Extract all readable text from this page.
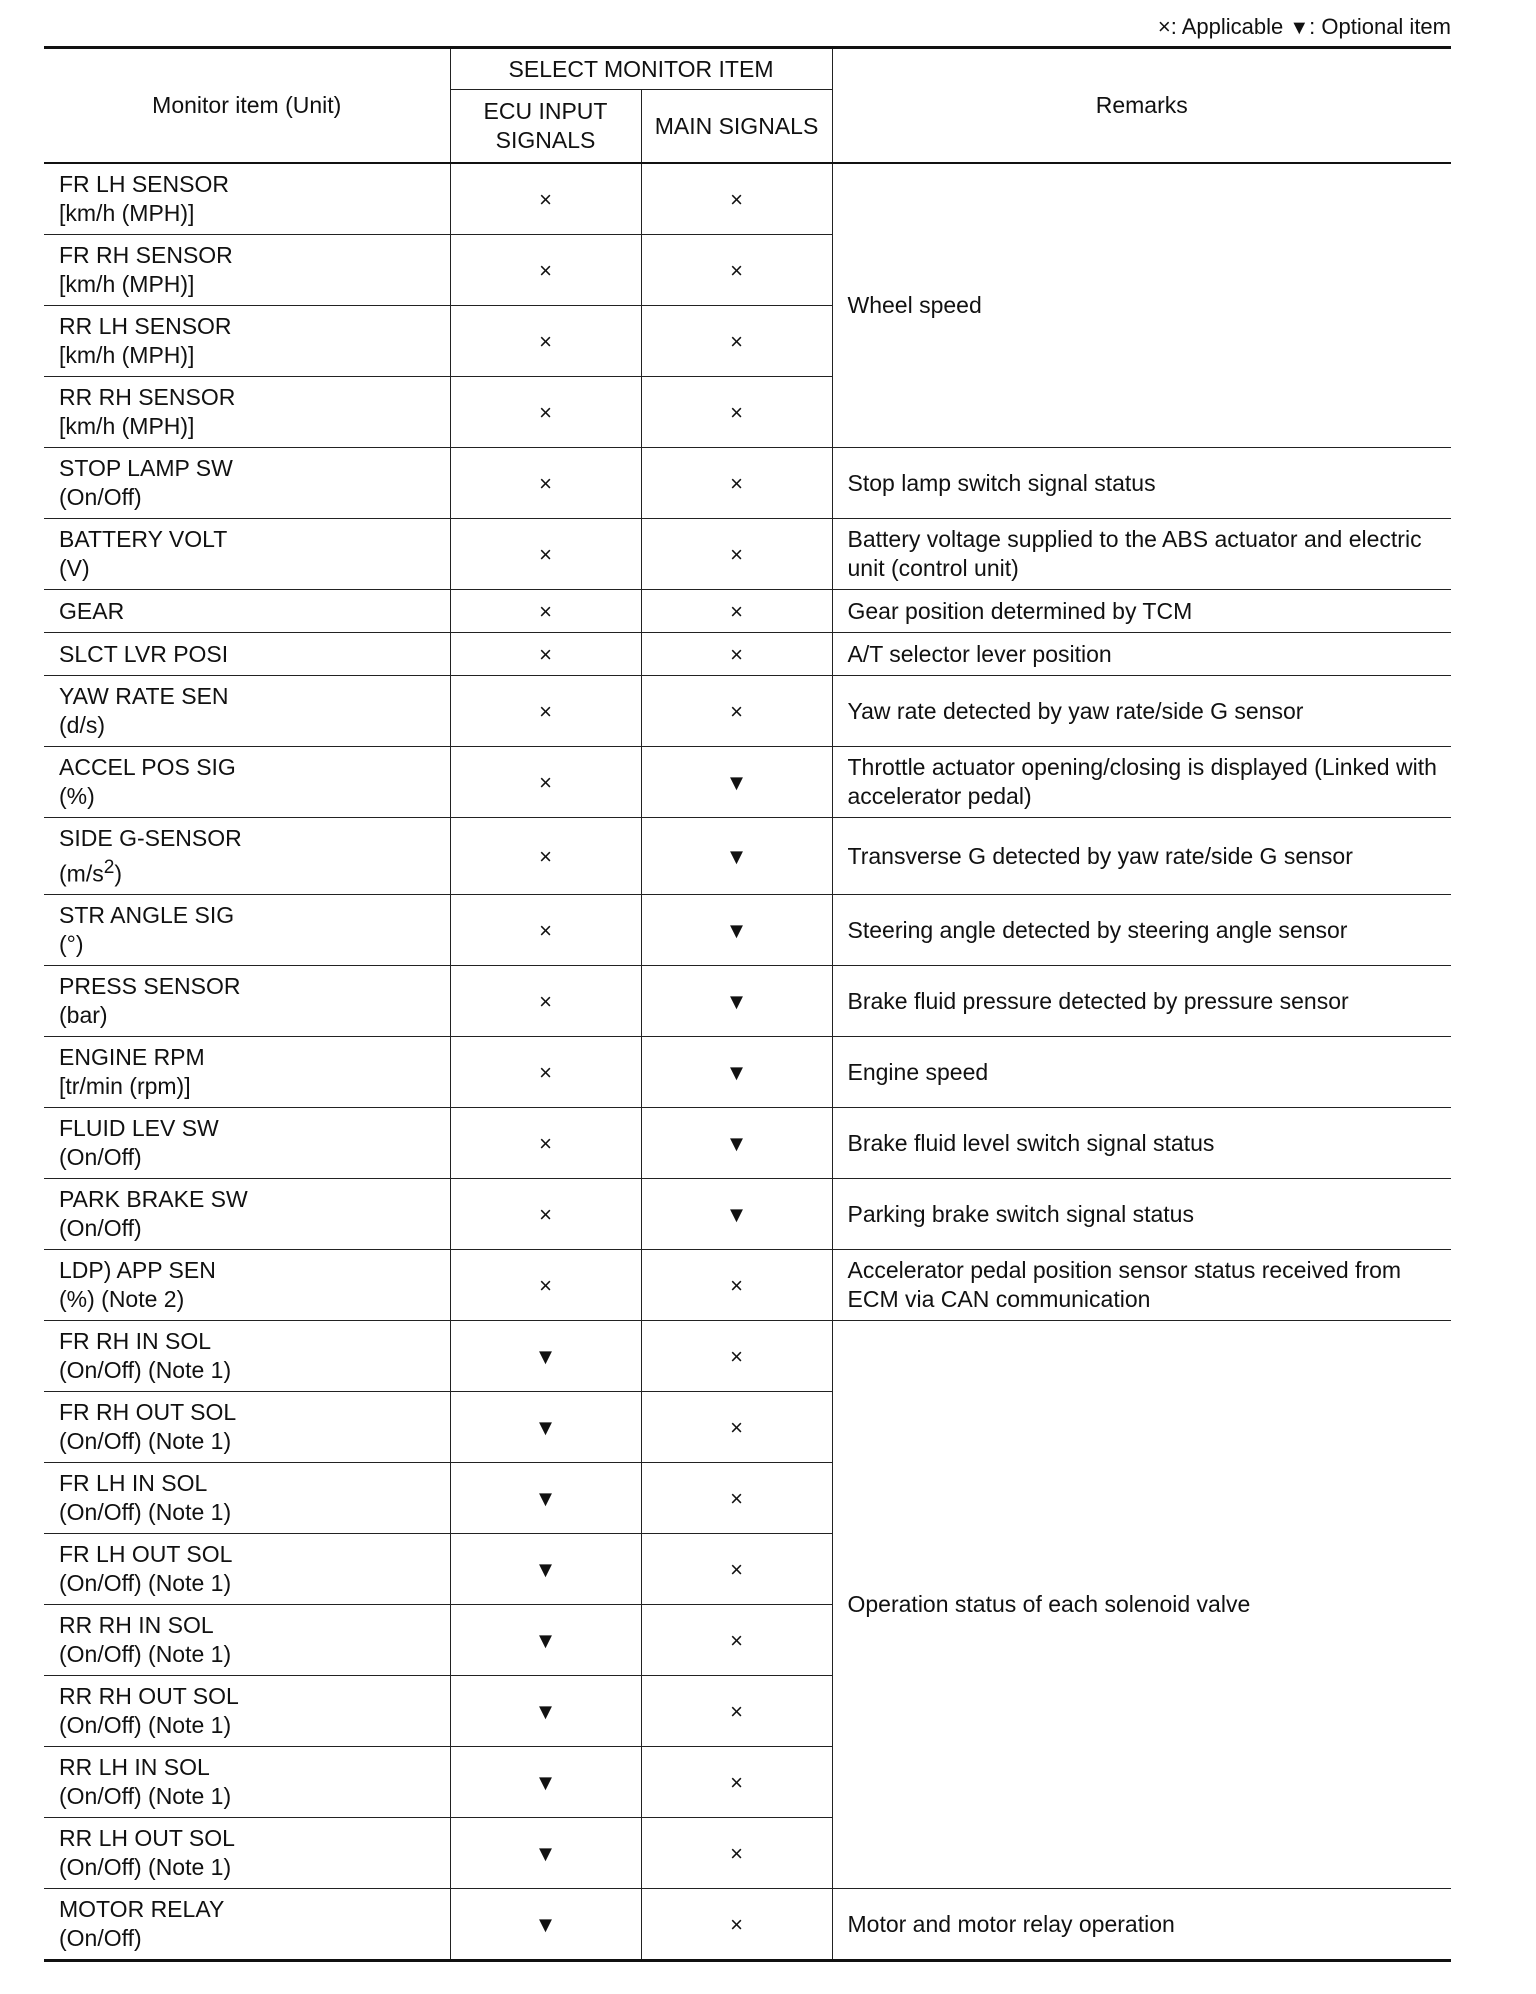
×: Applicable ▼: Optional item
Monitor item (Unit)	SELECT MONITOR ITEM		Remarks

	ECU INPUT
SIGNALS	MAIN SIGNALS	

FR LH SENSOR
[km/h (MPH)]	×	×	Wheel speed

FR RH SENSOR
[km/h (MPH)]	×	×	

RR LH SENSOR
[km/h (MPH)]	×	×	

RR RH SENSOR
[km/h (MPH)]	×	×	

STOP LAMP SW
(On/Off)	×	×	Stop lamp switch signal status

BATTERY VOLT
(V)	×	×	Battery voltage supplied to the ABS actuator and electric
unit (control unit)

GEAR	×	×	Gear position determined by TCM

SLCT LVR POSI	×	×	A/T selector lever position

YAW RATE SEN
(d/s)	×	×	Yaw rate detected by yaw rate/side G sensor

ACCEL POS SIG
(%)	×	▼	Throttle actuator opening/closing is displayed (Linked with
accelerator pedal)

SIDE G-SENSOR
$(m/s^2)$	×	▼	Transverse G detected by yaw rate/side G sensor

STR ANGLE SIG
(°)	×	▼	Steering angle detected by steering angle sensor

PRESS SENSOR
(bar)	×	▼	Brake fluid pressure detected by pressure sensor

ENGINE RPM
[tr/min (rpm)]	×	▼	Engine speed

FLUID LEV SW
(On/Off)	×	▼	Brake fluid level switch signal status

PARK BRAKE SW
(On/Off)	×	▼	Parking brake switch signal status

LDP) APP SEN
(%) (Note 2)	×	×	Accelerator pedal position sensor status received from
ECM via CAN communication

FR RH IN SOL
(On/Off) (Note 1)	▼	×	Operation status of each solenoid valve

FR RH OUT SOL
(On/Off) (Note 1)	▼	×	

FR LH IN SOL
(On/Off) (Note 1)	▼	×	

FR LH OUT SOL
(On/Off) (Note 1)	▼	×	

RR RH IN SOL
(On/Off) (Note 1)	▼	×	

RR RH OUT SOL
(On/Off) (Note 1)	▼	×	

RR LH IN SOL
(On/Off) (Note 1)	▼	×	

RR LH OUT SOL
(On/Off) (Note 1)	▼	×	

MOTOR RELAY
(On/Off)	▼	×	Motor and motor relay operation
